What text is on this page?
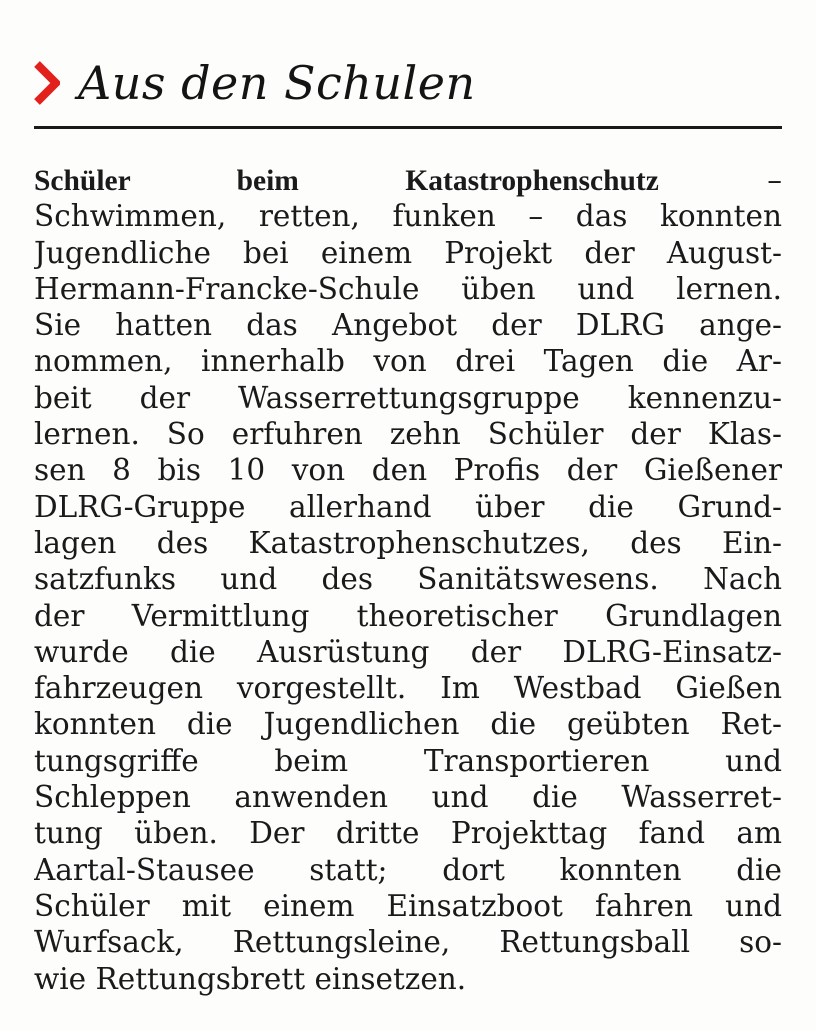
Aus den Schulen
Schüler beim Katastrophenschutz	–
Schwimmen, retten, funken – das konnten
Jugendliche bei einem Projekt der August-
Hermann-Francke-Schule üben und lernen.
Sie hatten das Angebot der DLRG ange-
nommen, innerhalb von drei Tagen die Ar-
beit der Wasserrettungsgruppe kennenzu-
lernen. So erfuhren zehn Schüler der Klas-
sen 8 bis 10 von den Profis der Gießener
DLRG-Gruppe allerhand über die Grund-
lagen des Katastrophenschutzes, des Ein-
satzfunks und des Sanitätswesens. Nach
der Vermittlung theoretischer Grundlagen
wurde die Ausrüstung der DLRG-Einsatz-
fahrzeugen vorgestellt. Im Westbad Gießen
konnten die Jugendlichen die geübten Ret-
tungsgriffe beim Transportieren und
Schleppen anwenden und die Wasserret-
tung üben. Der dritte Projekttag fand am
Aartal-Stausee statt; dort konnten die
Schüler mit einem Einsatzboot fahren und
Wurfsack, Rettungsleine, Rettungsball so-
wie Rettungsbrett einsetzen.
